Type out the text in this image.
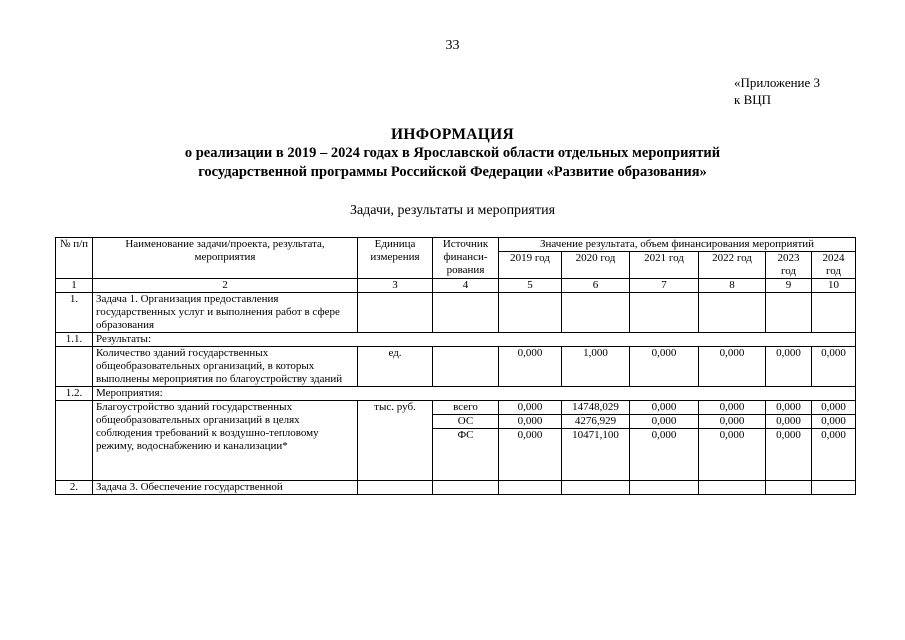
33
«Приложение 3
к ВЦП
ИНФОРМАЦИЯ
о реализации в 2019 – 2024 годах в Ярославской области отдельных мероприятий
государственной программы Российской Федерации «Развитие образования»
Задачи, результаты и мероприятия
№ п/п	Наименование задачи/проекта, результата, мероприятия	Единица измерения	Источник финанси- рования	Значение результата, объем финансирования мероприятий					
				2019 год	2020 год	2021 год	2022 год	2023 год	2024 год
1	2	3	4	5	6	7	8	9	10
1.	Задача 1. Организация предоставления государственных услуг и выполнения работ в сфере образования								
1.1.	Результаты:								
	Количество зданий государственных общеобразовательных организаций, в которых выполнены мероприятия по благоустройству зданий	ед.		0,000	1,000	0,000	0,000	0,000	0,000
1.2.	Мероприятия:								
	Благоустройство зданий государственных общеобразовательных организаций в целях соблюдения требований к воздушно-тепловому режиму, водоснабжению и канализации*	тыс. руб.	всего	0,000	14748,029	0,000	0,000	0,000	0,000
			ОС	0,000	4276,929	0,000	0,000	0,000	0,000
			ФС	0,000	10471,100	0,000	0,000	0,000	0,000
2.	Задача 3. Обеспечение государственной								
